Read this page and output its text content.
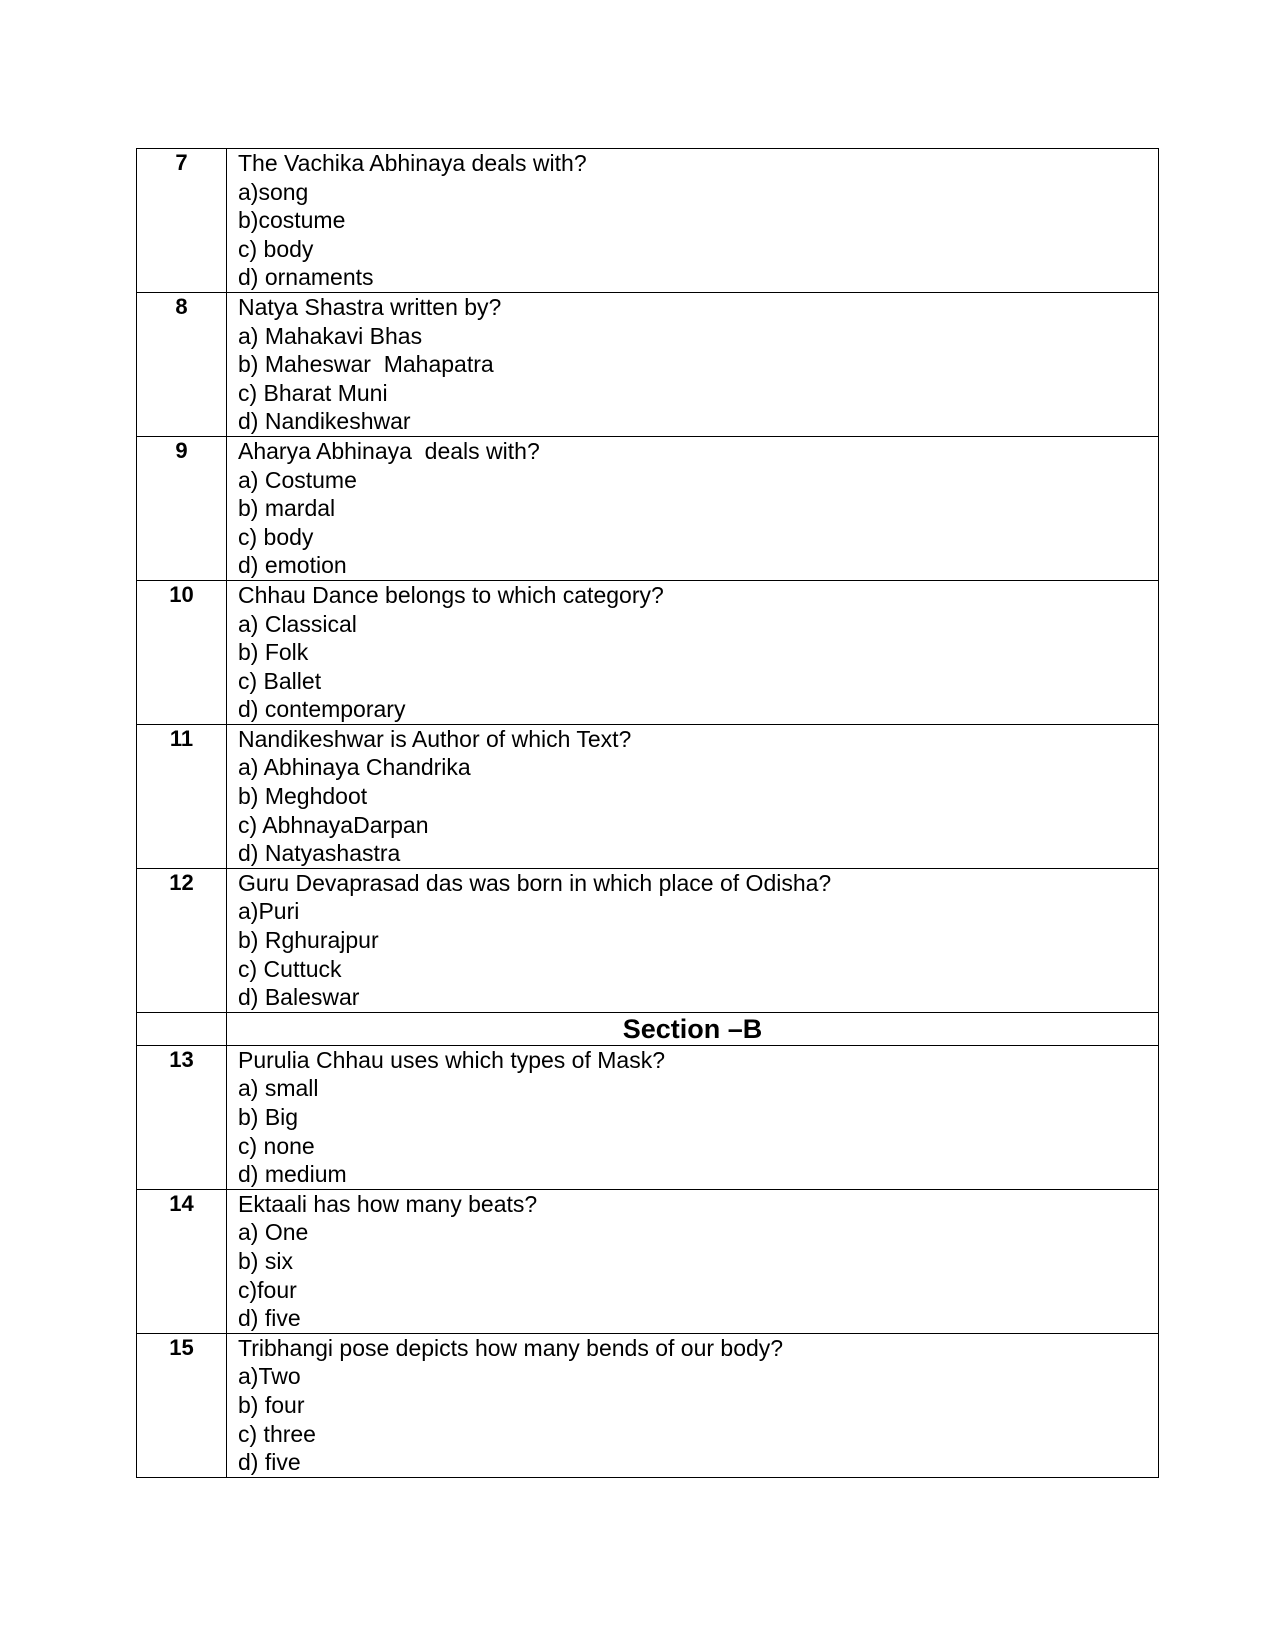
7	The Vachika Abhinaya deals with?
a)song
b)costume
c) body
d) ornaments

8	Natya Shastra written by?
a) Mahakavi Bhas
b) Maheswar  Mahapatra
c) Bharat Muni
d) Nandikeshwar

9	Aharya Abhinaya  deals with?
a) Costume
b) mardal
c) body
d) emotion

10	Chhau Dance belongs to which category?
a) Classical
b) Folk
c) Ballet
d) contemporary

11	Nandikeshwar is Author of which Text?
a) Abhinaya Chandrika
b) Meghdoot
c) AbhnayaDarpan
d) Natyashastra

12	Guru Devaprasad das was born in which place of Odisha?
a)Puri
b) Rghurajpur
c) Cuttuck
d) Baleswar

	Section –B
13	Purulia Chhau uses which types of Mask?
a) small
b) Big
c) none
d) medium

14	Ektaali has how many beats?
a) One
b) six
c)four
d) five

15	Tribhangi pose depicts how many bends of our body?
a)Two
b) four
c) three
d) five
